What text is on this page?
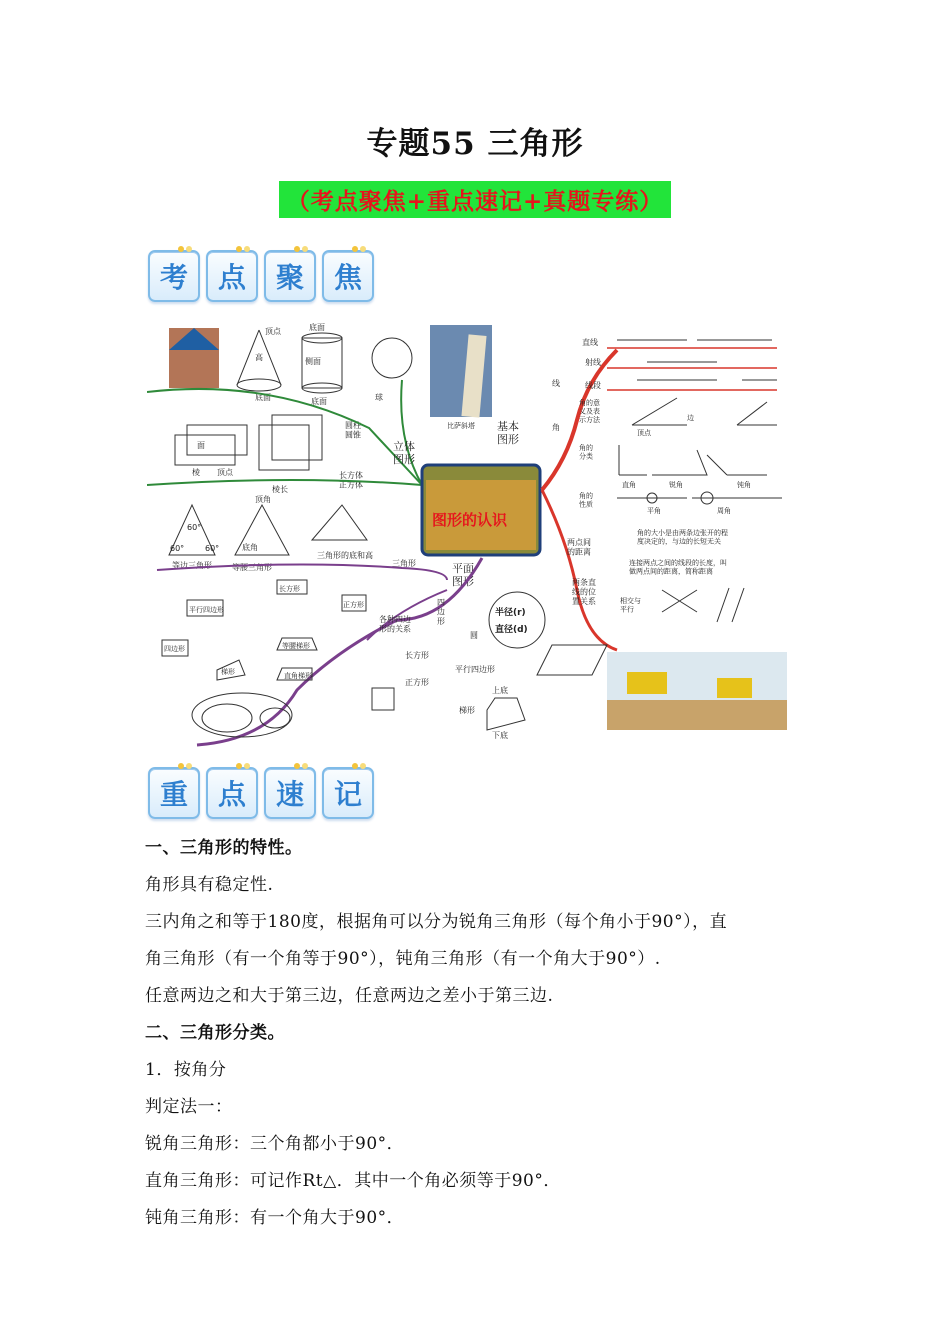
专题55 三角形
（考点聚焦+重点速记+真题专练）
考 点 聚 焦
顶点
高
底面
底面
侧面
底面	球
圆柱圆锥
面
棱 顶点
棱长
长方体正方体
立体图形
60°
60°	60°
等边三角形
顶角
底角
等腰三角形
三角形的底和高
三角形
图形的认识
平面图形
四边形
各种四边形的关系
长方形
正方形
平行四边形
梯形
上底
下底
半径(r)
直径(d)
圆
平行四边形
长方形
正方形
四边形
梯形
等腰梯形
直角梯形
基本图形
比萨斜塔
线
角
直线
射线
线段
角的意义及表示方法	边
顶点
角的分类
直角	锐角	钝角
角的性质
平角	周角
角的大小是由两条边张开的程度决定的，与边的长短无关
两点间的距离
连接两点之间的线段的长度，叫做两点间的距离，简称距离
两条直线的位置关系	相交与平行
重 点 速 记

一、三角形的特性。

角形具有稳定性.

三内角之和等于180度，根据角可以分为锐角三角形（每个角小于90°），直

角三角形（有一个角等于90°），钝角三角形（有一个角大于90°）.

任意两边之和大于第三边，任意两边之差小于第三边.

二、三角形分类。

1．按角分

判定法一：

锐角三角形：三个角都小于90°．

直角三角形：可记作Rt△．其中一个角必须等于90°．

钝角三角形：有一个角大于90°．
